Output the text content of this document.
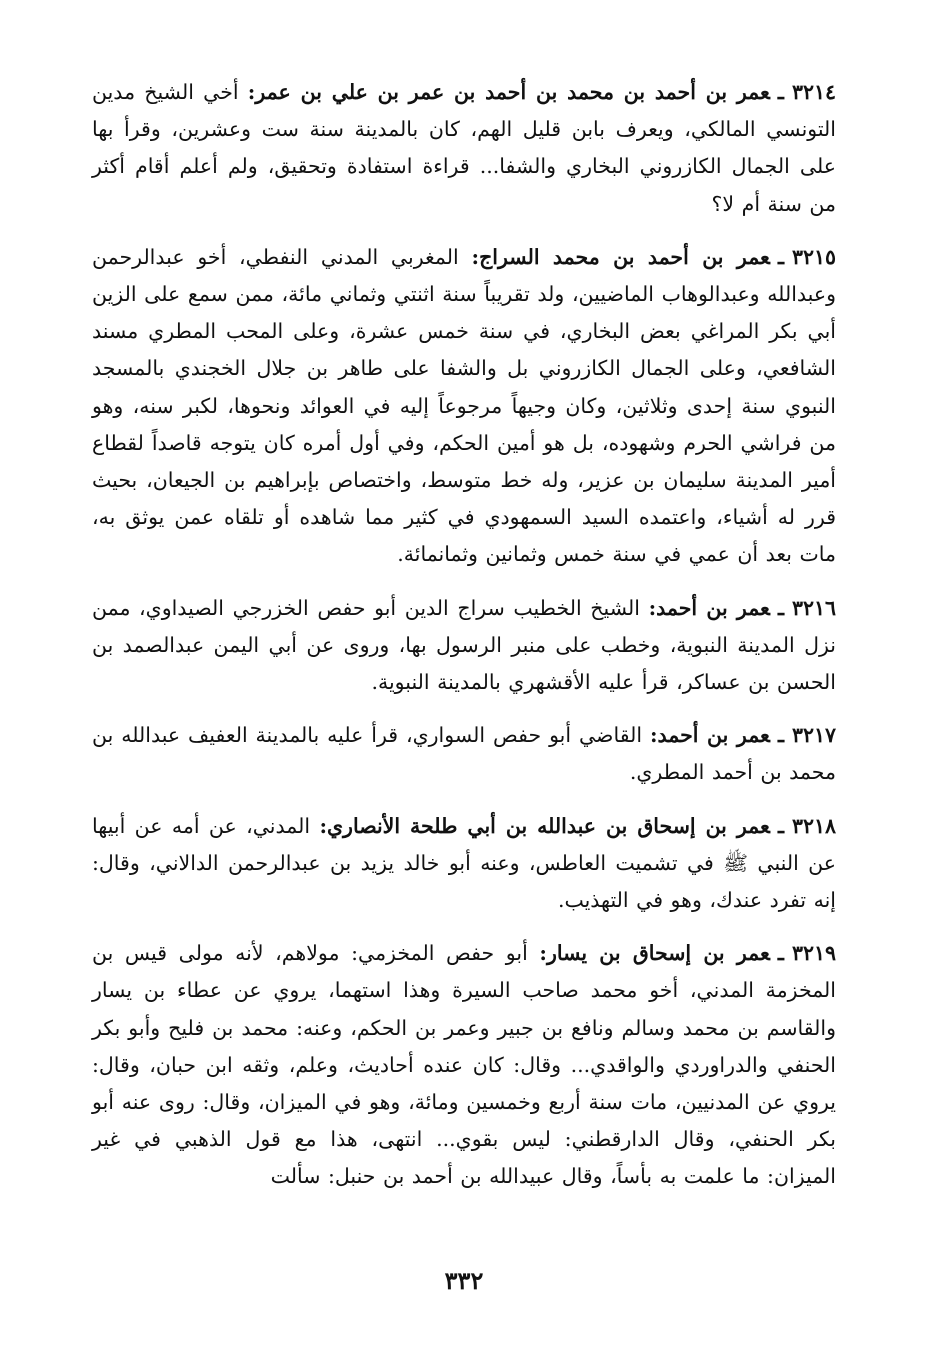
٣٢١٤ـعمر بن أحمد بن محمد بن أحمد بن عمر بن علي بن عمر: أخي الشيخ مدين التونسي المالكي، ويعرف بابن قليل الهم، كان بالمدينة سنة ست وعشرين، وقرأ بها على الجمال الكازروني البخاري والشفا... قراءة استفادة وتحقيق، ولم أعلم أقام أكثر من سنة أم لا؟

٣٢١٥ـعمر بن أحمد بن محمد السراج: المغربي المدني النفطي، أخو عبدالرحمن وعبدالله وعبدالوهاب الماضيين، ولد تقريباً سنة اثنتي وثماني مائة، ممن سمع على الزين أبي بكر المراغي بعض البخاري، في سنة خمس عشرة، وعلى المحب المطري مسند الشافعي، وعلى الجمال الكازروني بل والشفا على طاهر بن جلال الخجندي بالمسجد النبوي سنة إحدى وثلاثين، وكان وجيهاً مرجوعاً إليه في العوائد ونحوها، لكبر سنه، وهو من فراشي الحرم وشهوده، بل هو أمين الحكم، وفي أول أمره كان يتوجه قاصداً لقطاع أمير المدينة سليمان بن عزير، وله خط متوسط، واختصاص بإبراهيم بن الجيعان، بحيث قرر له أشياء، واعتمده السيد السمهودي في كثير مما شاهده أو تلقاه عمن يوثق به، مات بعد أن عمي في سنة خمس وثمانين وثمانمائة.

٣٢١٦ـعمر بن أحمد: الشيخ الخطيب سراج الدين أبو حفص الخزرجي الصيداوي، ممن نزل المدينة النبوية، وخطب على منبر الرسول بها، وروى عن أبي اليمن عبدالصمد بن الحسن بن عساكر، قرأ عليه الأقشهري بالمدينة النبوية.

٣٢١٧ـعمر بن أحمد: القاضي أبو حفص السواري، قرأ عليه بالمدينة العفيف عبدالله بن محمد بن أحمد المطري.

٣٢١٨ـعمر بن إسحاق بن عبدالله بن أبي طلحة الأنصاري: المدني، عن أمه عن أبيها عن النبي ﷺ في تشميت العاطس، وعنه أبو خالد يزيد بن عبدالرحمن الدالاني، وقال: إنه تفرد عندك، وهو في التهذيب.

٣٢١٩ـعمر بن إسحاق بن يسار: أبو حفص المخزمي: مولاهم، لأنه مولى قيس بن المخزمة المدني، أخو محمد صاحب السيرة وهذا استهما، يروي عن عطاء بن يسار والقاسم بن محمد وسالم ونافع بن جبير وعمر بن الحكم، وعنه: محمد بن فليح وأبو بكر الحنفي والدراوردي والواقدي... وقال: كان عنده أحاديث، وعلم، وثقه ابن حبان، وقال: يروي عن المدنيين، مات سنة أربع وخمسين ومائة، وهو في الميزان، وقال: روى عنه أبو بكر الحنفي، وقال الدارقطني: ليس بقوي... انتهى، هذا مع قول الذهبي في غير الميزان: ما علمت به بأساً، وقال عبيدالله بن أحمد بن حنبل: سألت

٣٣٢
